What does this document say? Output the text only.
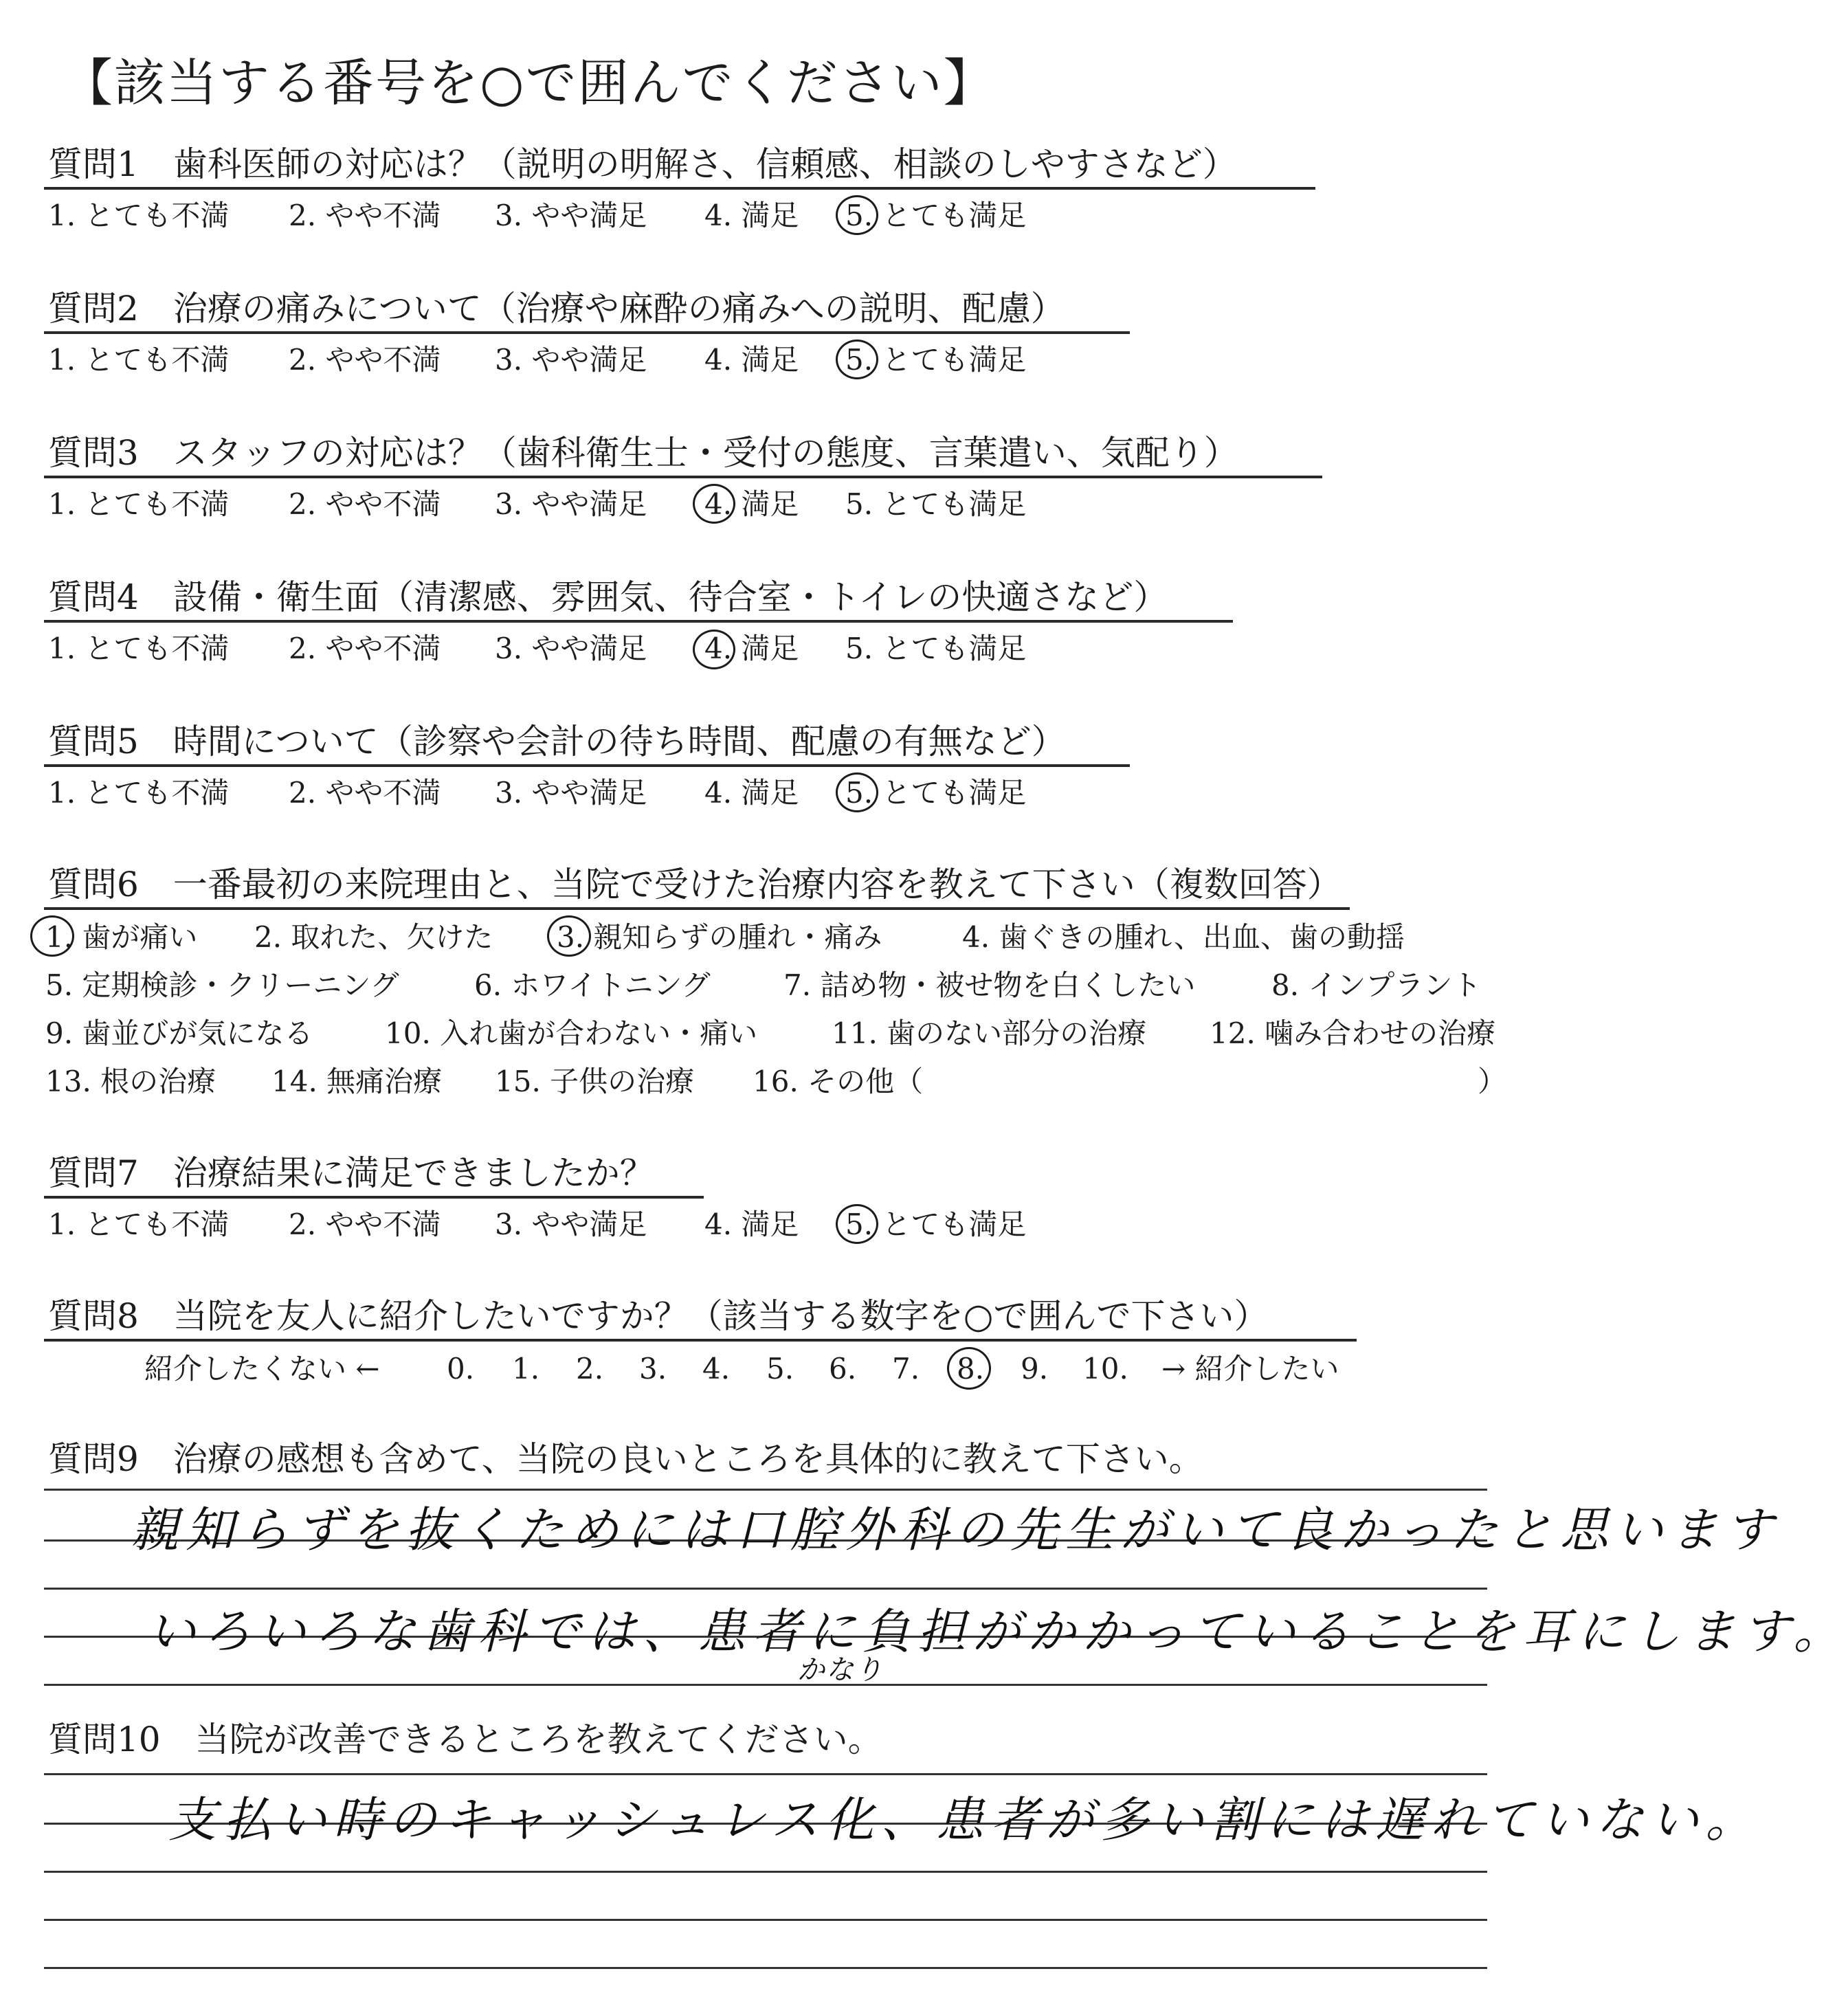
【該当する番号を○で囲んでください】
質問1　歯科医師の対応は？（説明の明解さ、信頼感、相談のしやすさなど）
1. とても不満 2. やや不満 3. やや満足 4. 満足 5. とても満足
質問2　治療の痛みについて（治療や麻酔の痛みへの説明、配慮）
1. とても不満 2. やや不満 3. やや満足 4. 満足 5. とても満足
質問3　スタッフの対応は？（歯科衛生士・受付の態度、言葉遣い、気配り）
1. とても不満 2. やや不満 3. やや満足 4. 満足 5. とても満足
質問4　設備・衛生面（清潔感、雰囲気、待合室・トイレの快適さなど）
1. とても不満 2. やや不満 3. やや満足 4. 満足 5. とても満足
質問5　時間について（診察や会計の待ち時間、配慮の有無など）
1. とても不満 2. やや不満 3. やや満足 4. 満足 5. とても満足
質問6　一番最初の来院理由と、当院で受けた治療内容を教えて下さい（複数回答）
1. 歯が痛い 2. 取れた、欠けた 3. 親知らずの腫れ・痛み	4. 歯ぐきの腫れ、出血、歯の動揺
5. 定期検診・クリーニング	6. ホワイトニング	7. 詰め物・被せ物を白くしたい	8. インプラント
9. 歯並びが気になる 10. 入れ歯が合わない・痛い	11. 歯のない部分の治療 12. 噛み合わせの治療
13. 根の治療 14. 無痛治療 15. 子供の治療 16. その他（	）
質問7　治療結果に満足できましたか？
1. とても不満 2. やや不満 3. やや満足 4. 満足 5. とても満足
質問8　当院を友人に紹介したいですか？（該当する数字を○で囲んで下さい）
紹介したくない ← 0. 1. 2. 3. 4. 5. 6. 7. 8. 9. 10. → 紹介したい
質問9　治療の感想も含めて、当院の良いところを具体的に教えて下さい。
親知らずを抜くためには口腔外科の先生がいて良かったと思います
いろいろな歯科では、患者に負担がかかっていることを耳にします。
かなり
質問10　当院が改善できるところを教えてください。
支払い時のキャッシュレス化、患者が多い割には遅れていない。
